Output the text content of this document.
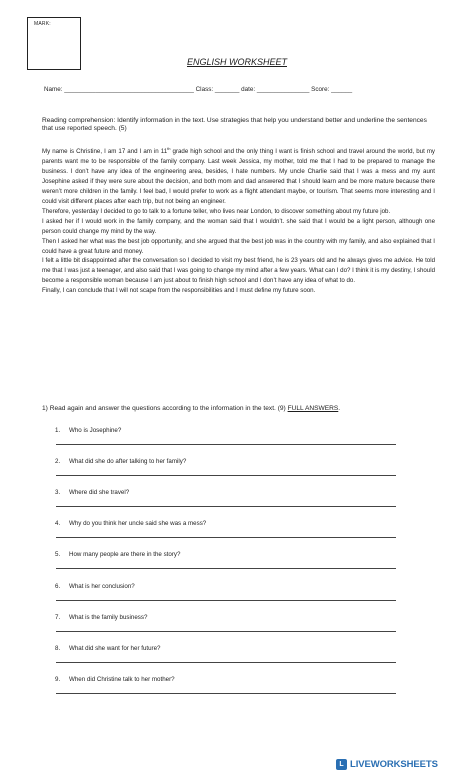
MARK:
ENGLISH WORKSHEET
Name: _____________________________________ Class: _______ date: _______________ Score: ______
Reading comprehension: Identify information in the text. Use strategies that help you understand better and underline the sentences that use reported speech. (5)

My name is Christine, I am 17 and I am in 11th grade high school and the only thing I want is finish school and travel around the world, but my parents want me to be responsible of the family company. Last week Jessica, my mother, told me that I had to be prepared to manage the business. I don’t have any idea of the engineering area, besides, I hate numbers. My uncle Charlie said that I was a mess and my aunt Josephine asked if they were sure about the decision, and both mom and dad answered that I should learn and be more mature because there weren’t more children in the family. I feel bad, I would prefer to work as a flight attendant maybe, or tourism. That seems more interesting and I could visit different places after each trip, but not being an engineer.

Therefore, yesterday I decided to go to talk to a fortune teller, who lives near London, to discover something about my future job.

I asked her if I would work in the family company, and the woman said that I wouldn’t. she said that I would be a light person, although one person could change my mind by the way.

Then I asked her what was the best job opportunity, and she argued that the best job was in the country with my family, and also explained that I could have a great future and money.

I felt a little bit disappointed after the conversation so I decided to visit my best friend, he is 23 years old and he always gives me advice. He told me that I was just a teenager, and also said that I was going to change my mind after a few years. What can I do? I think it is my destiny, I should become a responsible woman because I am just about to finish high school and I don’t have any idea of what to do.

Finally, I can conclude that I will not scape from the responsibilities and I must define my future soon.

1) Read again and answer the questions according to the information in the text. (9) FULL ANSWERS.
1. Who is Josephine?
2. What did she do after talking to her family?
3. Where did she travel?
4. Why do you think her uncle said she was a mess?
5. How many people are there in the story?
6. What is her conclusion?
7. What is the family business?
8. What did she want for her future?
9. When did Christine talk to her mother?
L LIVEWORKSHEETS
